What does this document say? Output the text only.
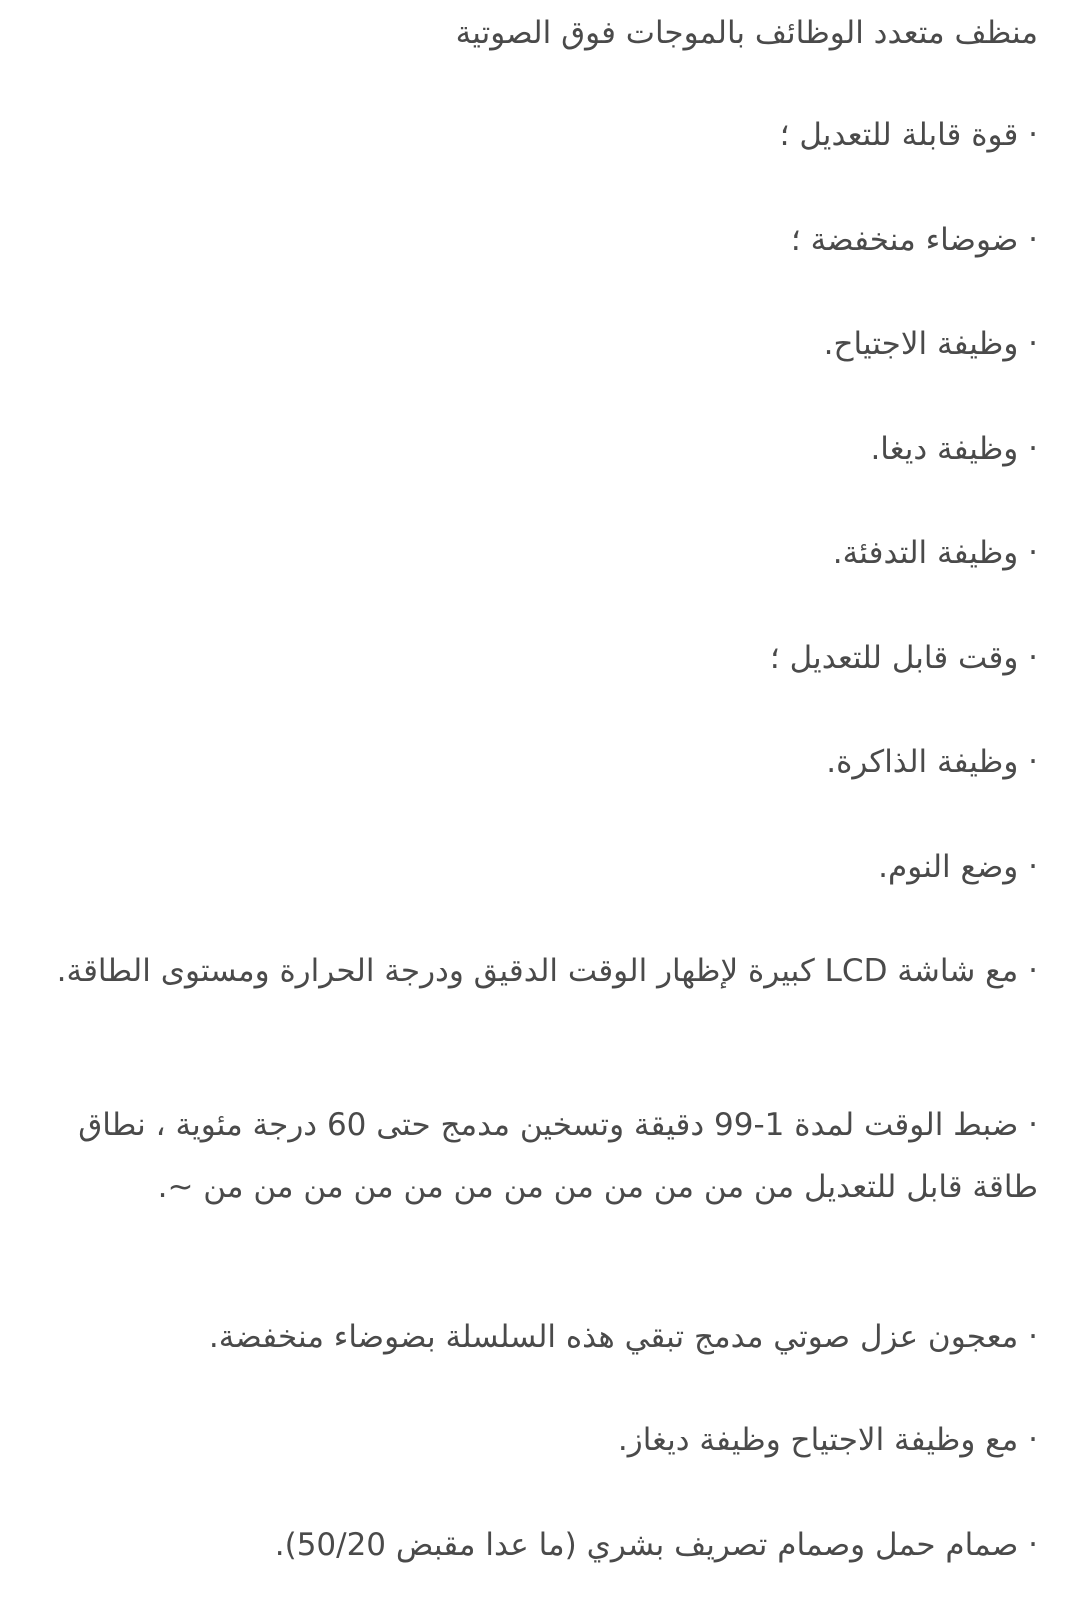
منظف متعدد الوظائف بالموجات فوق الصوتية
· قوة قابلة للتعديل ؛
· ضوضاء منخفضة ؛
· وظيفة الاجتياح.
· وظيفة ديغا.
· وظيفة التدفئة.
· وقت قابل للتعديل ؛
· وظيفة الذاكرة.
· وضع النوم.
· مع شاشة LCD كبيرة لإظهار الوقت الدقيق ودرجة الحرارة ومستوى الطاقة.
· ضبط الوقت لمدة 1-99 دقيقة وتسخين مدمج حتى 60 درجة مئوية ، نطاق طاقة قابل للتعديل من من من من من من من من من من من من ~.
· معجون عزل صوتي مدمج تبقي هذه السلسلة بضوضاء منخفضة.
· مع وظيفة الاجتياح وظيفة ديغاز.
· صمام حمل وصمام تصريف بشري (ما عدا مقبض 50/20).
